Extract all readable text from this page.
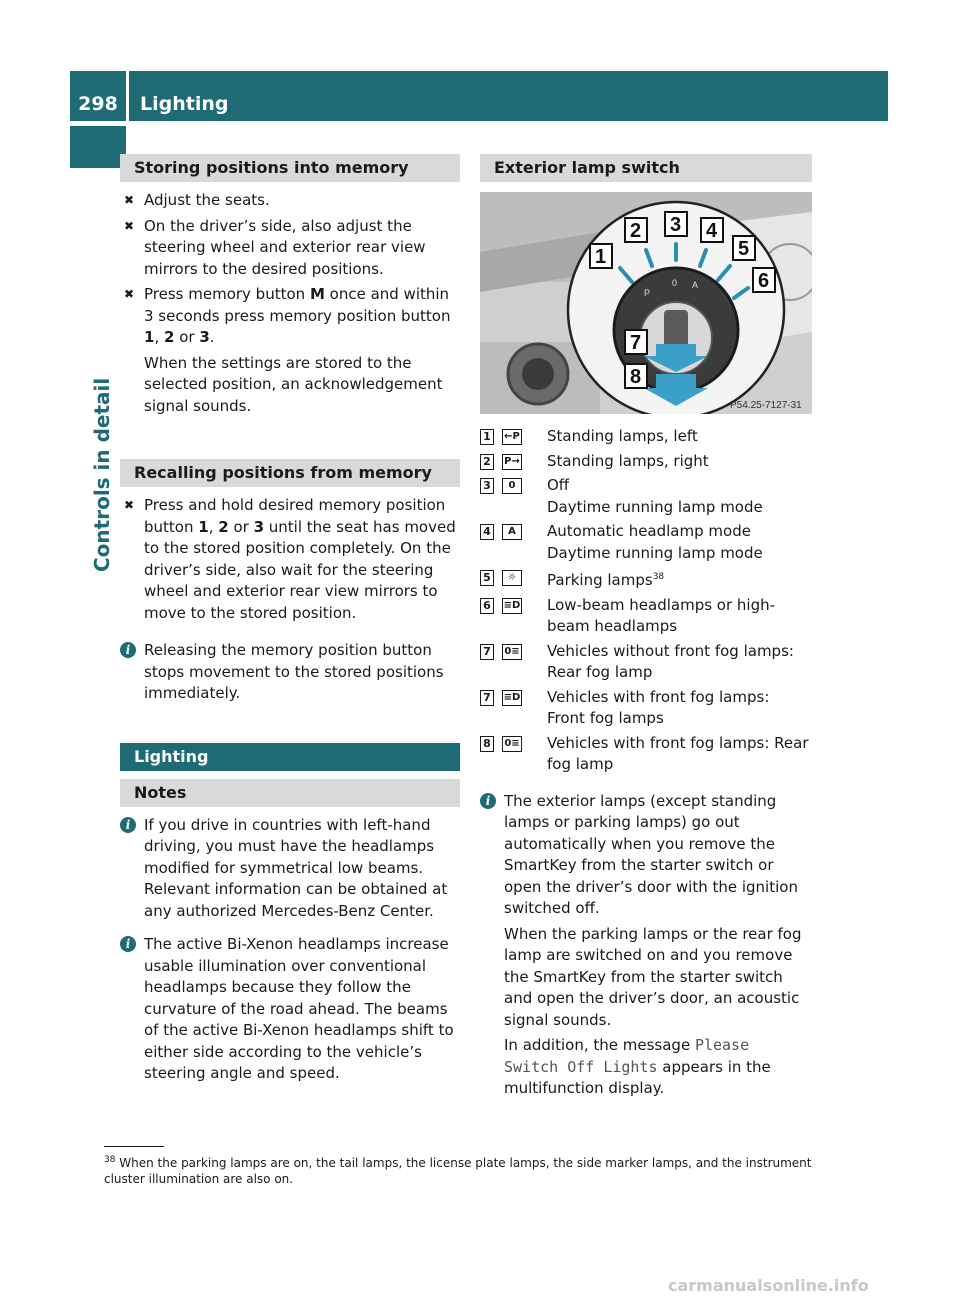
298	Lighting
Controls in detail
Storing positions into memory
✖ Adjust the seats.
✖ On the driver’s side, also adjust the steering wheel and exterior rear view mirrors to the desired positions.
✖ Press memory button M once and within 3 seconds press memory position button 1, 2 or 3.
When the settings are stored to the selected position, an acknowledgement signal sounds.
Recalling positions from memory
✖ Press and hold desired memory position button 1, 2 or 3 until the seat has moved to the stored position completely. On the driver’s side, also wait for the steering wheel and exterior rear view mirrors to move to the stored position.
i Releasing the memory position button stops movement to the stored positions immediately.
Lighting
Notes
i If you drive in countries with left-hand driving, you must have the headlamps modified for symmetrical low beams. Relevant information can be obtained at any authorized Mercedes-Benz Center.
i The active Bi-Xenon headlamps increase usable illumination over conventional headlamps because they follow the curvature of the road ahead. The beams of the active Bi-Xenon headlamps shift to either side according to the vehicle’s steering angle and speed.
Exterior lamp switch
1
2 3 4
5
6
7
8
P
0 A
P54.25-7127-31
1	←P Standing lamps, left
2	P→ Standing lamps, right
3	0	Off
Daytime running lamp mode
4	A	Automatic headlamp mode
Daytime running lamp mode
5	☼	Parking lamps$^{38}$
6	≡D Low-beam headlamps or high-beam headlamps
7	0≡ Vehicles without front fog lamps: Rear fog lamp
7	≡D Vehicles with front fog lamps: Front fog lamps
8	0≡ Vehicles with front fog lamps: Rear fog lamp
i The exterior lamps (except standing lamps or parking lamps) go out automatically when you remove the SmartKey from the starter switch or open the driver’s door with the ignition switched off.
When the parking lamps or the rear fog lamp are switched on and you remove the SmartKey from the starter switch and open the driver’s door, an acoustic signal sounds.
In addition, the message Please Switch Off Lights appears in the multifunction display.
$^{38}$ When the parking lamps are on, the tail lamps, the license plate lamps, the side marker lamps, and the instrument cluster illumination are also on.
carmanualsonline.info
